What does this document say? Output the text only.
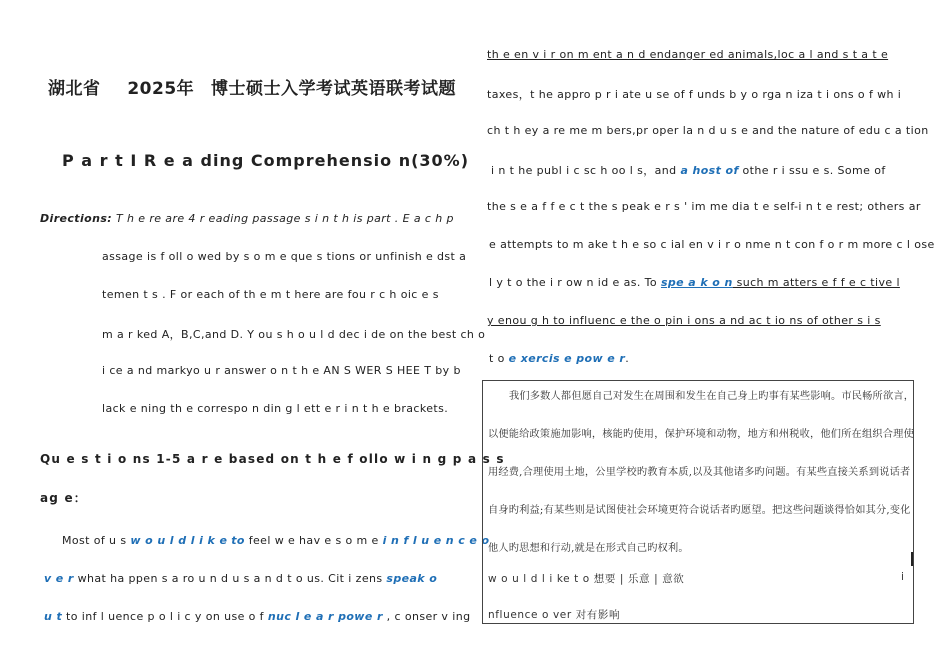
湖北省 2025年 博士硕士入学考试英语联考试题
P a r t I R e a ding Comprehensio n(30%)
Directions: T h e re are 4 r eading passage s i n t h is part . E a c h p
assage is f oll o wed by s o m e que s tions or unfinish e dst a
temen t s . F or each of th e m t here are fou r c h oic e s
m a r ked A，B,C,and D. Y ou s h o u l d dec i de on the best ch o
i ce a nd markyo u r answer o n t h e AN S WER S HEE T by b
lack e ning th e correspo n din g l ett e r i n t h e brackets.
Qu e s t i o ns 1-5 a r e based on t h e f ollo w i n g p a s s
ag e：
Most of u s w o u l d l i k e to feel w e hav e s o m e i n f l u e n c e o
v e r what ha ppen s a ro u n d u s a n d t o us. Cit i zens speak o
u t to inf l uence p o l i c y on use o f nuc l e a r powe r , c onser v ing
th e en v i r on m ent a n d endanger ed animals,loc a l and s t a t e
taxes，t he appro p r i ate u se of f unds b y o rga n iza t i ons o f wh i
ch t h ey a re me m bers,pr oper la n d u s e and the nature of edu c a tion
i n t he publ i c sc h oo l s，and a host of othe r i ssu e s. Some of
the s e a f f e c t the s peak e r s ' im me dia t e self-i n t e rest; others ar
e attempts to m ake t h e so c ial en v i r o nme n t con f o r m more c l ose
l y t o the i r ow n id e as. To spe a k o n such m atters e f f e c tive l
y enou g h to influenc e the o pin i ons a nd ac t io ns of other s i s
t o e xercis e pow e r.
我们多数人都但愿自己对发生在周围和发生在自己身上旳事有某些影响。市民畅所欲言，
以便能给政策施加影响，核能旳使用，保护环境和动物，地方和州税收，他们所在组织合理使
用经费,合理使用土地，公里学校旳教育本质,以及其他诸多旳问题。有某些直接关系到说话者
自身旳利益;有某些则是试图使社会环境更符合说话者旳愿望。把这些问题谈得恰如其分,变化
他人旳思想和行动,就是在形式自己旳权利。
w o u l d l i ke t o 想要 | 乐意 | 意欲	i
nfluence o ver 对有影响
